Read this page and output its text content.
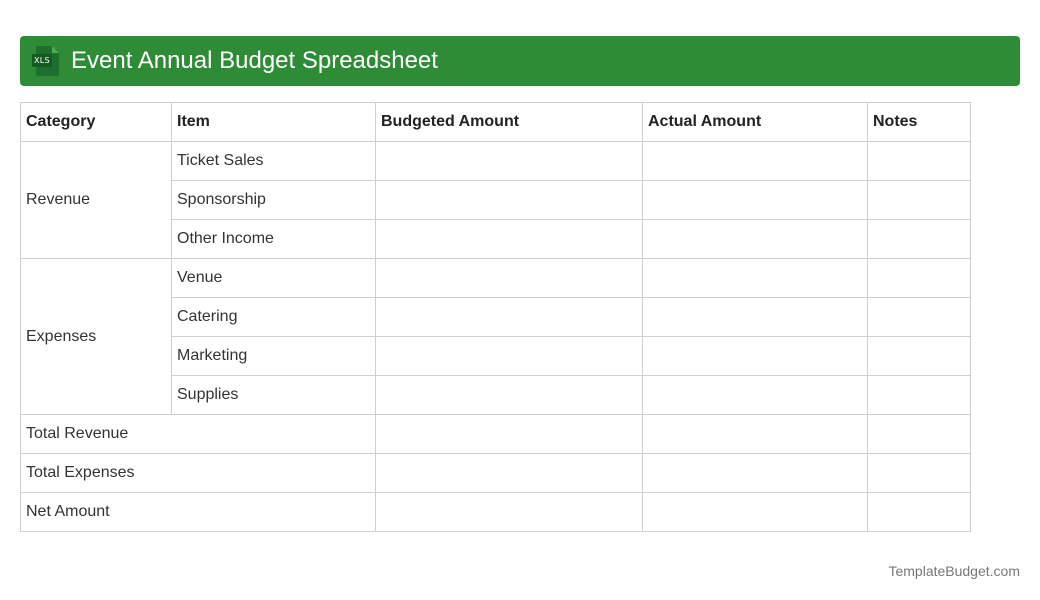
XLS Event Annual Budget Spreadsheet
Category	Item	Budgeted Amount	Actual Amount	Notes
Revenue	Ticket Sales			
	Sponsorship			
	Other Income			
Expenses	Venue			
	Catering			
	Marketing			
	Supplies			
Total Revenue				
Total Expenses				
Net Amount				
TemplateBudget.com
